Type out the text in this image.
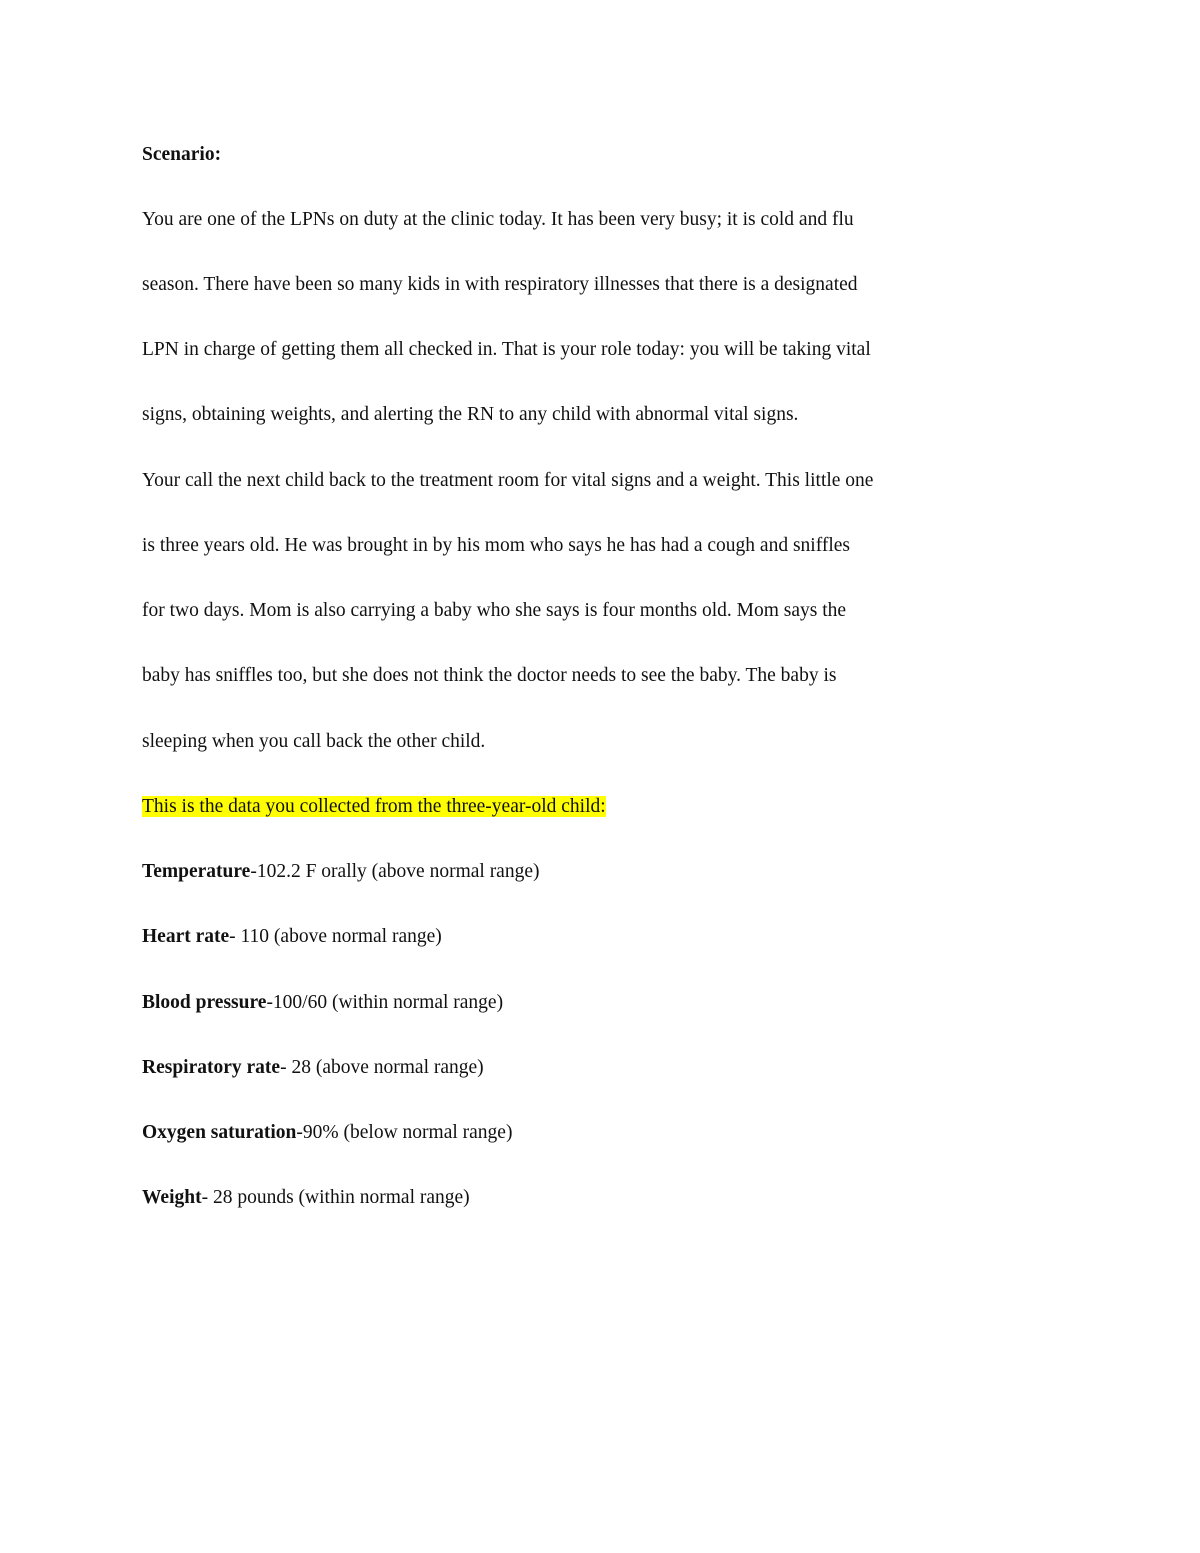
Scenario:
You are one of the LPNs on duty at the clinic today. It has been very busy; it is cold and flu
season. There have been so many kids in with respiratory illnesses that there is a designated
LPN in charge of getting them all checked in. That is your role today: you will be taking vital
signs, obtaining weights, and alerting the RN to any child with abnormal vital signs.
Your call the next child back to the treatment room for vital signs and a weight. This little one
is three years old. He was brought in by his mom who says he has had a cough and sniffles
for two days. Mom is also carrying a baby who she says is four months old. Mom says the
baby has sniffles too, but she does not think the doctor needs to see the baby. The baby is
sleeping when you call back the other child.
This is the data you collected from the three-year-old child:
Temperature-102.2 F orally (above normal range)
Heart rate- 110 (above normal range)
Blood pressure-100/60 (within normal range)
Respiratory rate- 28 (above normal range)
Oxygen saturation-90% (below normal range)
Weight- 28 pounds (within normal range)
